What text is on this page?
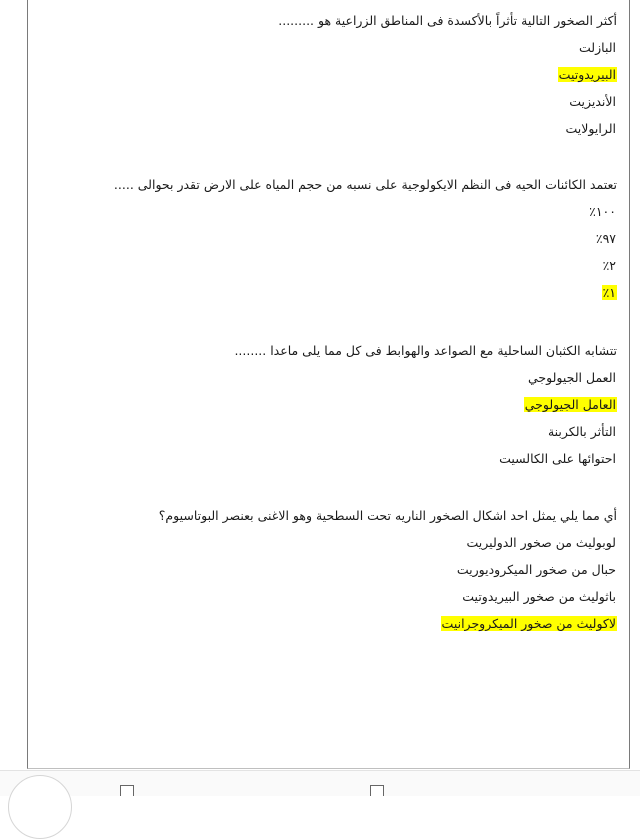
أكثر الصخور التالية تأثراً بالأكسدة فى المناطق الزراعية هو .........
البازلت
البيريدوتيت
الأنديزيت
الرايولايت
تعتمد الكائنات الحيه فى النظم الايكولوجية على نسبه من حجم المياه على الارض تقدر بحوالى .....
١٠٠٪
٩٧٪
٢٪
١٪
تتشابه الكثبان الساحلية مع الصواعد والهوابط فى كل مما يلى ماعدا ........
العمل الجيولوجي
العامل الجيولوجي
التأثر بالكربنة
احتوائها على الكالسيت
أي مما يلي يمثل احد اشكال الصخور الناريه تحت السطحية وهو الاغنى بعنصر البوتاسيوم؟
لوبوليث من صخور الدوليريت
حبال من صخور الميكروديوريت
باثوليث من صخور البيريدوتيت
لاكوليث من صخور الميكروجرانيت
